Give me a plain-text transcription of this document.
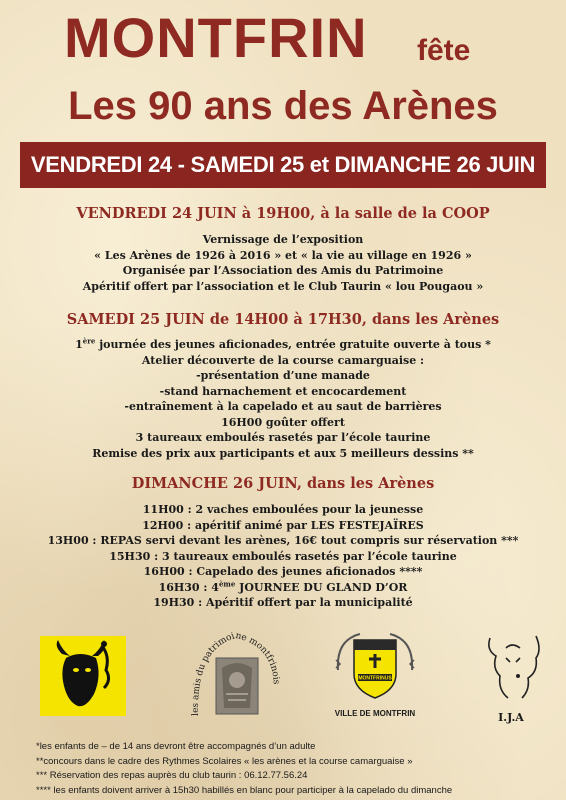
MONTFRIN fête
Les 90 ans des Arènes
VENDREDI 24 - SAMEDI 25 et DIMANCHE 26 JUIN
VENDREDI 24 JUIN à 19H00, à la salle de la COOP
Vernissage de l’exposition
« Les Arènes de 1926 à 2016 » et « la vie au village en 1926 »
Organisée par l’Association des Amis du Patrimoine
Apéritif offert par l’association et le Club Taurin « lou Pougaou »
SAMEDI 25 JUIN de 14H00 à 17H30, dans les Arènes
1ère journée des jeunes aficionades, entrée gratuite ouverte à tous *
Atelier découverte de la course camarguaise :
-présentation d’une manade
-stand harnachement et encocardement
-entraînement à la capelado et au saut de barrières
16H00 goûter offert
3 taureaux emboulés rasetés par l’école taurine
Remise des prix aux participants et aux 5 meilleurs dessins **
DIMANCHE 26 JUIN, dans les Arènes
11H00 : 2 vaches emboulées pour la jeunesse
12H00 : apéritif animé par LES FESTEJAÏRES
13H00 : REPAS servi devant les arènes, 16€ tout compris sur réservation ***
15H30 : 3 taureaux emboulés rasetés par l’école taurine
16H00 : Capelado des jeunes aficionados ****
16H30 : 4ème JOURNEE DU GLAND D’OR
19H30 : Apéritif offert par la municipalité
les amis du patrimoine montfrinois
MONTFRINUS
VILLE DE MONTFRIN	I.J.A
*les enfants de – de 14 ans devront être accompagnés d’un adulte
**concours dans le cadre des Rythmes Scolaires « les arènes et la course camarguaise »
*** Réservation des repas auprès du club taurin : 06.12.77.56.24
**** les enfants doivent arriver à 15h30 habillés en blanc pour participer à la capelado du dimanche
